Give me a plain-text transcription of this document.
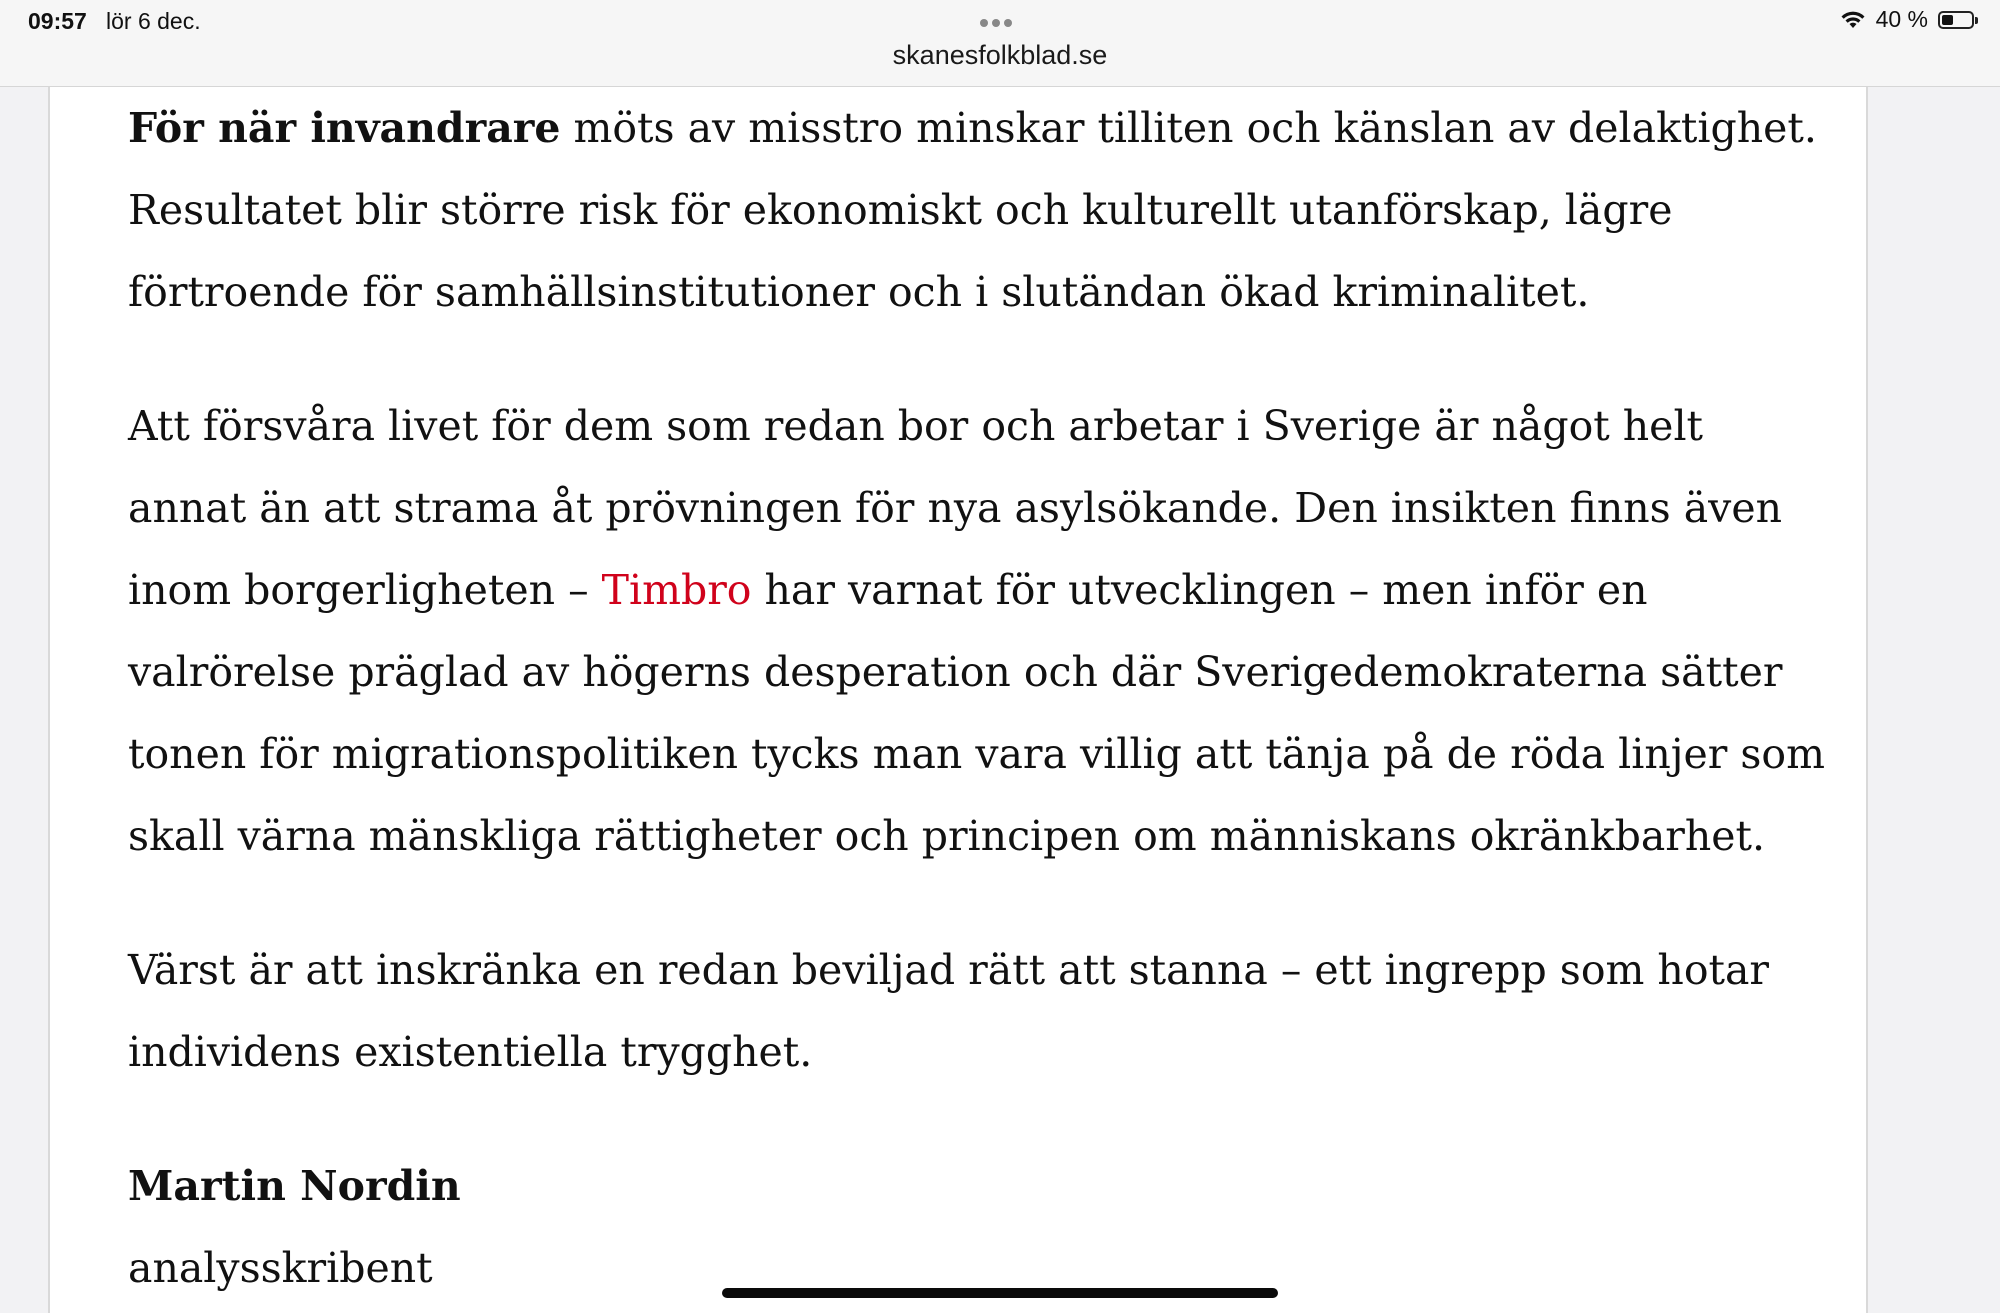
09:57 lör 6 dec.
skanesfolkblad.se
40 %

För när invandrare möts av misstro minskar tilliten och känslan av delaktighet. Resultatet blir större risk för ekonomiskt och kulturellt utanförskap, lägre förtroende för samhällsinstitutioner och i slutändan ökad kriminalitet.

Att försvåra livet för dem som redan bor och arbetar i Sverige är något helt annat än att strama åt prövningen för nya asylsökande. Den insikten finns även inom borgerligheten – Timbro har varnat för utvecklingen – men inför en valrörelse präglad av högerns desperation och där Sverigedemokraterna sätter tonen för migrationspolitiken tycks man vara villig att tänja på de röda linjer som skall värna mänskliga rättigheter och principen om människans okränkbarhet.

Värst är att inskränka en redan beviljad rätt att stanna – ett ingrepp som hotar individens existentiella trygghet.

Martin Nordin

analysskribent
